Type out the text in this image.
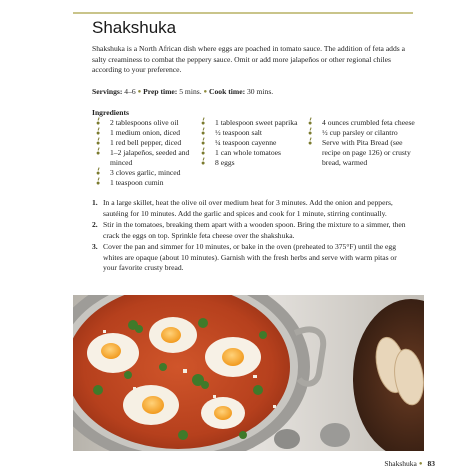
Shakshuka
Shakshuka is a North African dish where eggs are poached in tomato sauce. The addition of feta adds a salty creaminess to combat the peppery sauce. Omit or add more jalapeños or other regional chiles according to your preference.
Servings: 4–6 ● Prep time: 5 mins. ● Cook time: 30 mins.
Ingredients
●
2 tablespoons olive oil
●
1 medium onion, diced
●
1 red bell pepper, diced
●
1–2 jalapeños, seeded and minced
●
3 cloves garlic, minced
●
1 teaspoon cumin
●
1 tablespoon sweet paprika
●
½ teaspoon salt
●
¼ teaspoon cayenne
●
1 can whole tomatoes
●
8 eggs
●
4 ounces crumbled feta cheese
●
½ cup parsley or cilantro
●
Serve with Pita Bread (see recipe on page 126) or crusty bread, warmed
1. In a large skillet, heat the olive oil over medium heat for 3 minutes. Add the onion and peppers, sautéing for 10 minutes. Add the garlic and spices and cook for 1 minute, stirring continually.
2. Stir in the tomatoes, breaking them apart with a wooden spoon. Bring the mixture to a simmer, then crack the eggs on top. Sprinkle feta cheese over the shakshuka.
3. Cover the pan and simmer for 10 minutes, or bake in the oven (preheated to 375°F) until the egg whites are opaque (about 10 minutes). Garnish with the fresh herbs and serve with warm pitas or your favorite crusty bread.
Shakshuka ● 83
